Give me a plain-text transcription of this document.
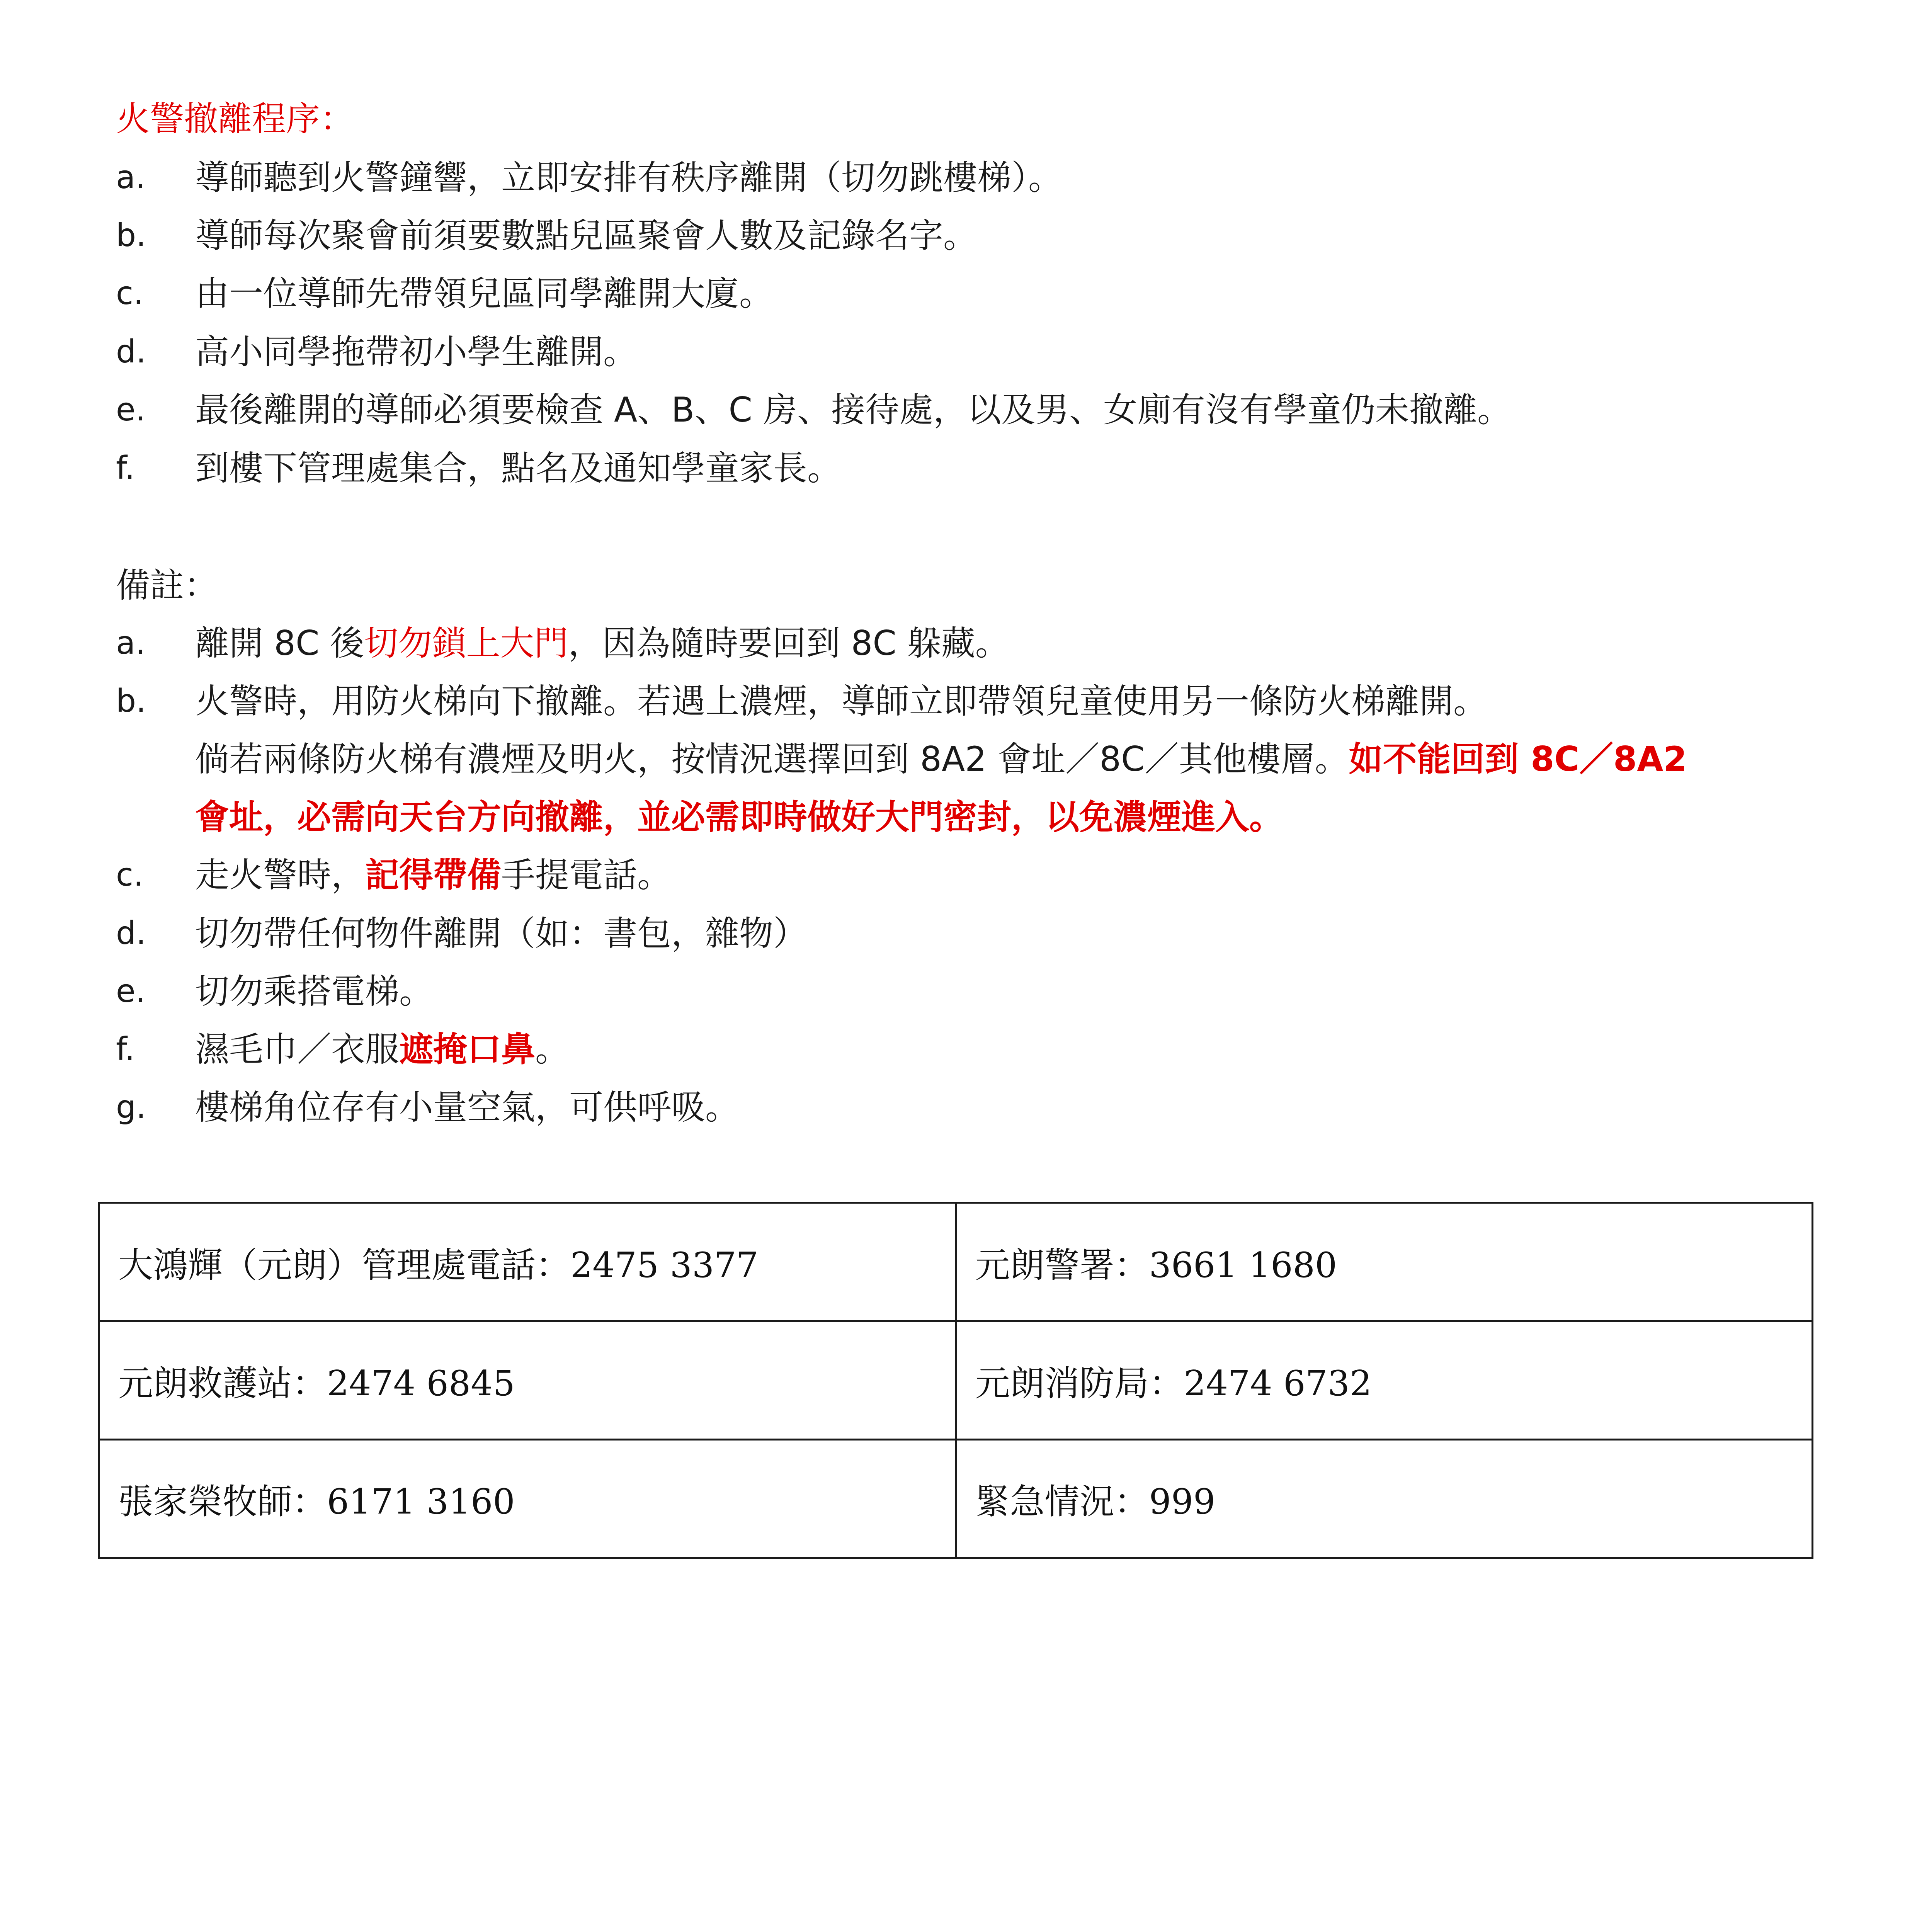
火警撤離程序：
a.	導師聽到火警鐘響，立即安排有秩序離開（切勿跳樓梯）。
b.	導師每次聚會前須要數點兒區聚會人數及記錄名字。
c.	由一位導師先帶領兒區同學離開大廈。
d.	高小同學拖帶初小學生離開。
e.	最後離開的導師必須要檢查 A、B、C 房、接待處，以及男、女廁有沒有學童仍未撤離。
f.	到樓下管理處集合，點名及通知學童家長。
備註：
a.	離開 8C 後切勿鎖上大門，因為隨時要回到 8C 躲藏。
b.	火警時，用防火梯向下撤離。若遇上濃煙，導師立即帶領兒童使用另一條防火梯離開。
倘若兩條防火梯有濃煙及明火，按情況選擇回到 8A2 會址／8C／其他樓層。如不能回到 8C／8A2
會址，必需向天台方向撤離，並必需即時做好大門密封，以免濃煙進入。
c.	走火警時，記得帶備手提電話。
d.	切勿帶任何物件離開（如：書包，雜物）
e.	切勿乘搭電梯。
f.	濕毛巾／衣服遮掩口鼻。
g.	樓梯角位存有小量空氣，可供呼吸。
大鴻輝（元朗）管理處電話：2475 3377	元朗警署：3661 1680
元朗救護站：2474 6845	元朗消防局：2474 6732
張家榮牧師：6171 3160	緊急情況：999
